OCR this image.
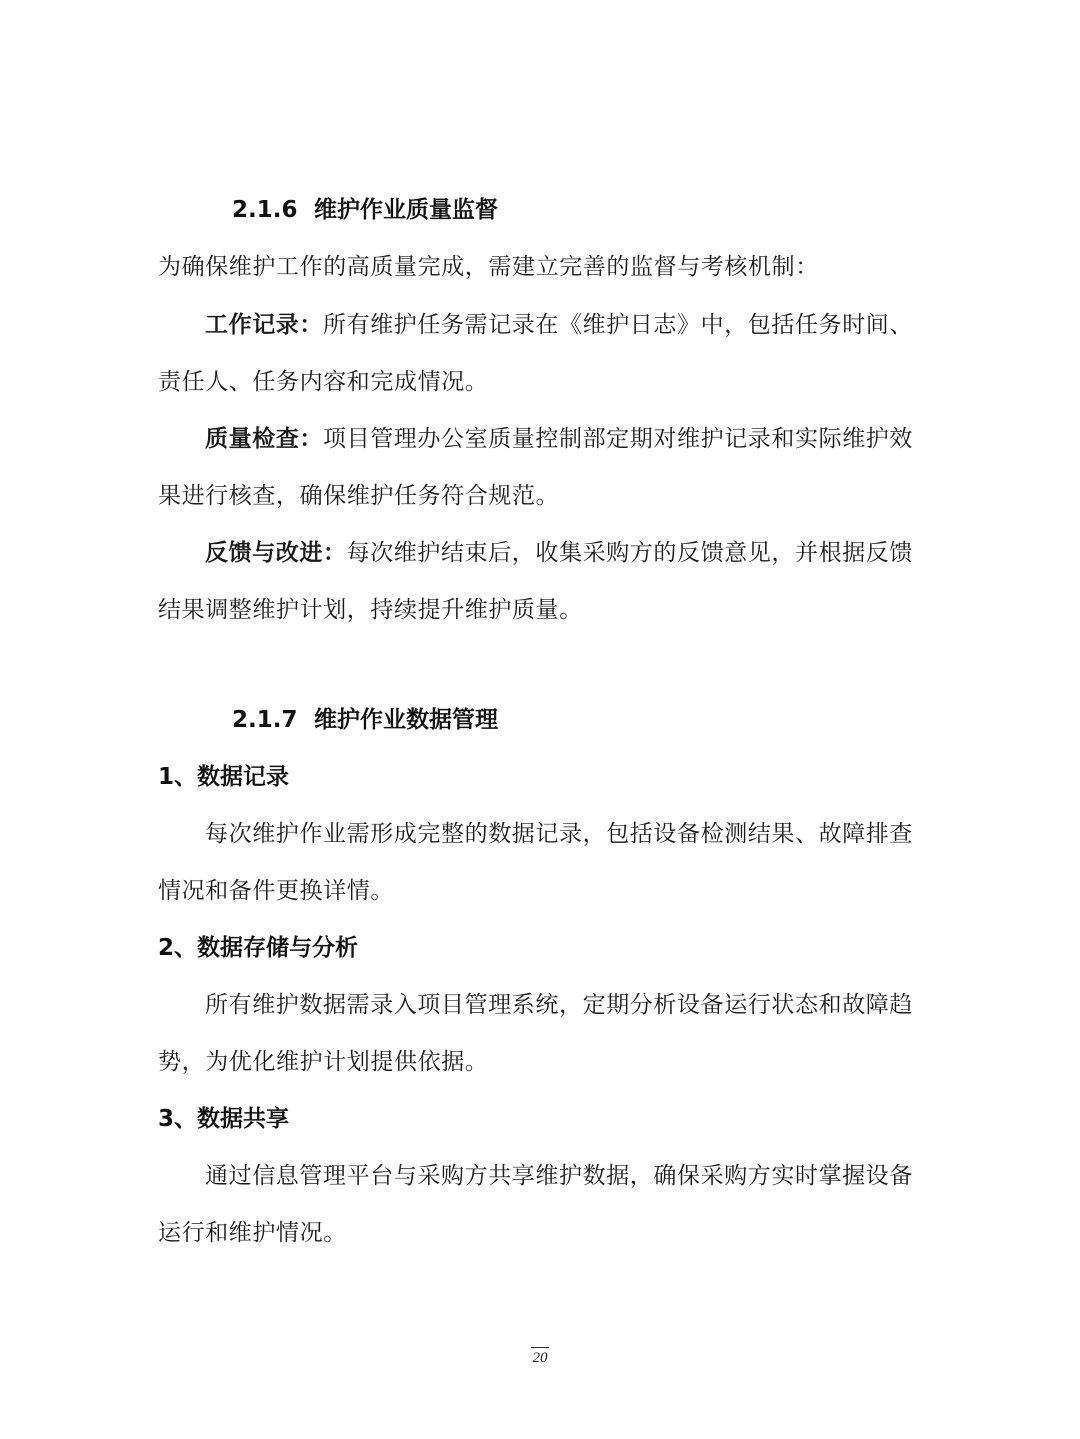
2.1.6 维护作业质量监督
为确保维护工作的高质量完成，需建立完善的监督与考核机制：
工作记录：所有维护任务需记录在《维护日志》中，包括任务时间、
责任人、任务内容和完成情况。
质量检查：项目管理办公室质量控制部定期对维护记录和实际维护效
果进行核查，确保维护任务符合规范。
反馈与改进：每次维护结束后，收集采购方的反馈意见，并根据反馈
结果调整维护计划，持续提升维护质量。
2.1.7 维护作业数据管理
1、数据记录
每次维护作业需形成完整的数据记录，包括设备检测结果、故障排查
情况和备件更换详情。
2、数据存储与分析
所有维护数据需录入项目管理系统，定期分析设备运行状态和故障趋
势，为优化维护计划提供依据。
3、数据共享
通过信息管理平台与采购方共享维护数据，确保采购方实时掌握设备
运行和维护情况。
20
